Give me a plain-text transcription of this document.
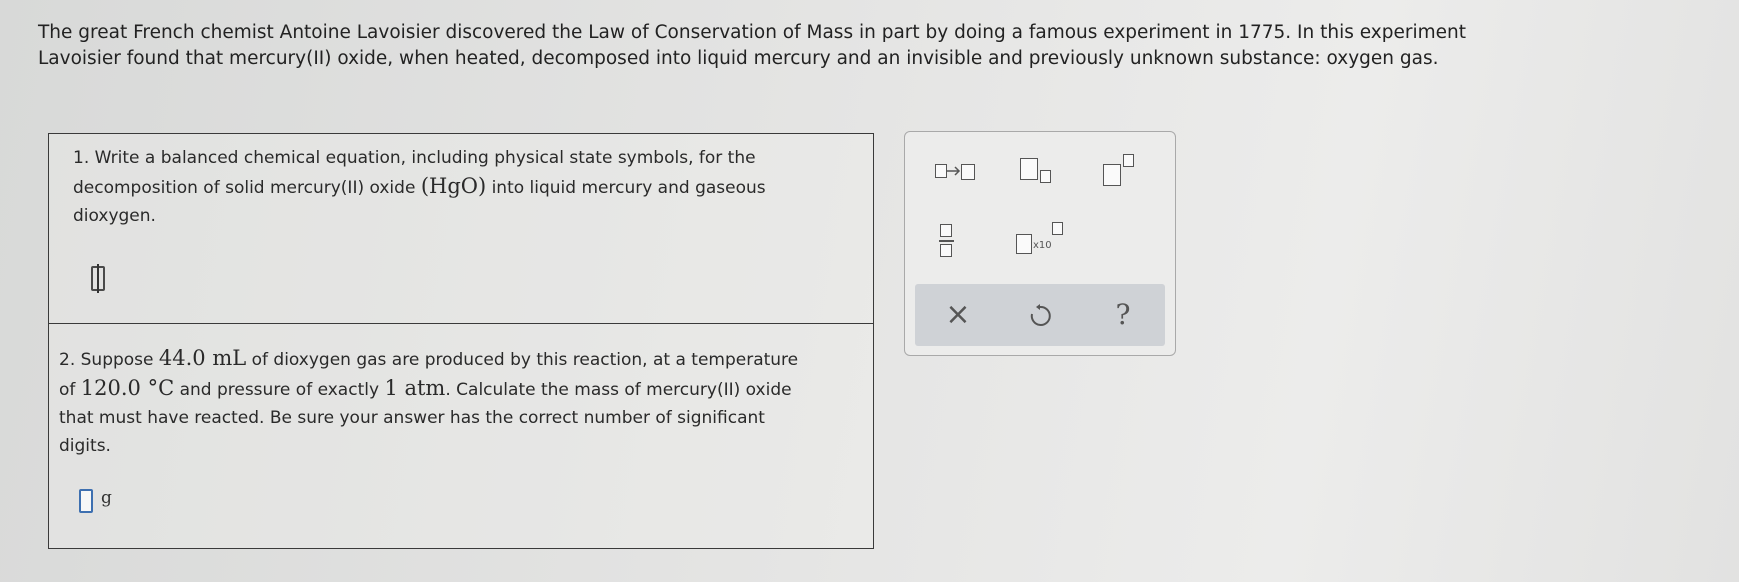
The great French chemist Antoine Lavoisier discovered the Law of Conservation of Mass in part by doing a famous experiment in 1775. In this experiment
Lavoisier found that mercury(II) oxide, when heated, decomposed into liquid mercury and an invisible and previously unknown substance: oxygen gas.
1. Write a balanced chemical equation, including physical state symbols, for the
decomposition of solid mercury(II) oxide (HgO) into liquid mercury and gaseous
dioxygen.
2. Suppose 44.0 mL of dioxygen gas are produced by this reaction, at a temperature
of 120.0 °C and pressure of exactly 1 atm. Calculate the mass of mercury(II) oxide
that must have reacted. Be sure your answer has the correct number of significant
digits.
g
x10
×	?
